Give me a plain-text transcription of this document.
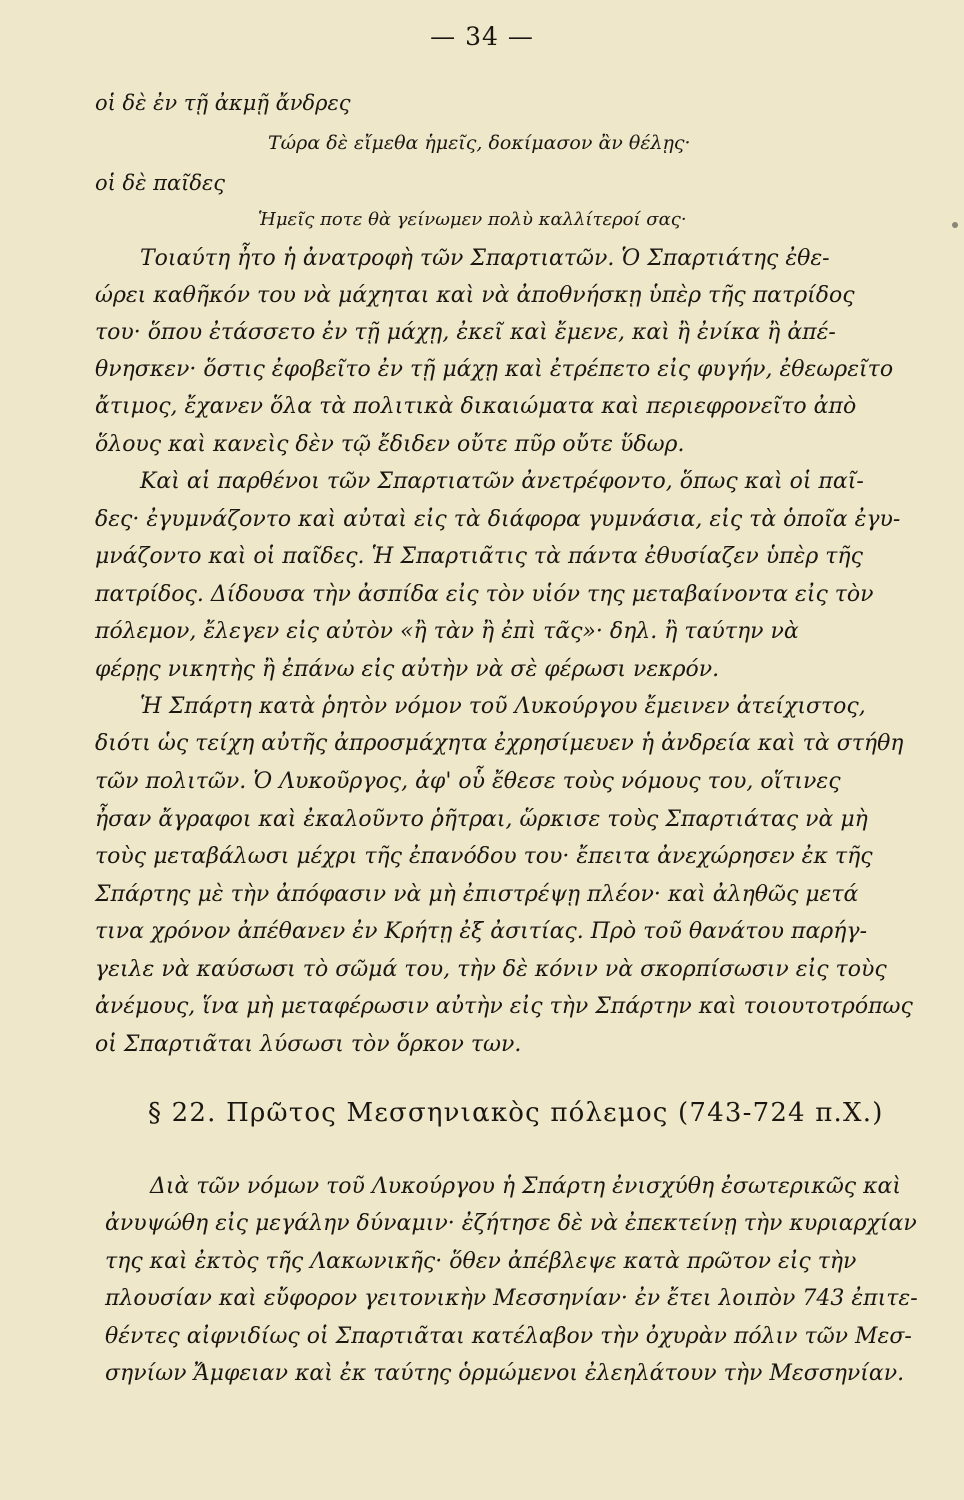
— 34 —
οἱ δὲ ἐν τῇ ἀκμῇ ἄνδρες
Τώρα δὲ εἴμεθα ἡμεῖς, δοκίμασον ἂν θέλῃς·
οἱ δὲ παῖδες
Ἡμεῖς ποτε θὰ γείνωμεν πολὺ καλλίτεροί σας·
Τοιαύτη ἦτο ἡ ἀνατροφὴ τῶν Σπαρτιατῶν. Ὁ Σπαρτιάτης ἐθε-
ώρει καθῆκόν του νὰ μάχηται καὶ νὰ ἀποθνήσκῃ ὑπὲρ τῆς πατρίδος
του· ὅπου ἐτάσσετο ἐν τῇ μάχῃ, ἐκεῖ καὶ ἔμενε, καὶ ἢ ἐνίκα ἢ ἀπέ-
θνησκεν· ὅστις ἐφοβεῖτο ἐν τῇ μάχῃ καὶ ἐτρέπετο εἰς φυγήν, ἐθεωρεῖτο
ἄτιμος, ἔχανεν ὅλα τὰ πολιτικὰ δικαιώματα καὶ περιεφρονεῖτο ἀπὸ
ὅλους καὶ κανεὶς δὲν τῷ ἔδιδεν οὔτε πῦρ οὔτε ὕδωρ.
Καὶ αἱ παρθένοι τῶν Σπαρτιατῶν ἀνετρέφοντο, ὅπως καὶ οἱ παῖ-
δες· ἐγυμνάζοντο καὶ αὐταὶ εἰς τὰ διάφορα γυμνάσια, εἰς τὰ ὁποῖα ἐγυ-
μνάζοντο καὶ οἱ παῖδες. Ἡ Σπαρτιᾶτις τὰ πάντα ἐθυσίαζεν ὑπὲρ τῆς
πατρίδος. Δίδουσα τὴν ἀσπίδα εἰς τὸν υἱόν της μεταβαίνοντα εἰς τὸν
πόλεμον, ἔλεγεν εἰς αὐτὸν «ἢ τὰν ἢ ἐπὶ τᾶς»· δηλ. ἢ ταύτην νὰ
φέρῃς νικητὴς ἢ ἐπάνω εἰς αὐτὴν νὰ σὲ φέρωσι νεκρόν.
Ἡ Σπάρτη κατὰ ῥητὸν νόμον τοῦ Λυκούργου ἔμεινεν ἀτείχιστος,
διότι ὡς τείχη αὐτῆς ἀπροσμάχητα ἐχρησίμευεν ἡ ἀνδρεία καὶ τὰ στήθη
τῶν πολιτῶν. Ὁ Λυκοῦργος, ἀφ' οὗ ἔθεσε τοὺς νόμους του, οἵτινες
ἦσαν ἄγραφοι καὶ ἐκαλοῦντο ῥῆτραι, ὥρκισε τοὺς Σπαρτιάτας νὰ μὴ
τοὺς μεταβάλωσι μέχρι τῆς ἐπανόδου του· ἔπειτα ἀνεχώρησεν ἐκ τῆς
Σπάρτης μὲ τὴν ἀπόφασιν νὰ μὴ ἐπιστρέψῃ πλέον· καὶ ἀληθῶς μετά
τινα χρόνον ἀπέθανεν ἐν Κρήτῃ ἐξ ἀσιτίας. Πρὸ τοῦ θανάτου παρήγ-
γειλε νὰ καύσωσι τὸ σῶμά του, τὴν δὲ κόνιν νὰ σκορπίσωσιν εἰς τοὺς
ἀνέμους, ἵνα μὴ μεταφέρωσιν αὐτὴν εἰς τὴν Σπάρτην καὶ τοιουτοτρόπως
οἱ Σπαρτιᾶται λύσωσι τὸν ὅρκον των.
§ 22. Πρῶτος Μεσσηνιακὸς πόλεμος (743-724 π.Χ.)
Διὰ τῶν νόμων τοῦ Λυκούργου ἡ Σπάρτη ἐνισχύθη ἐσωτερικῶς καὶ
ἀνυψώθη εἰς μεγάλην δύναμιν· ἐζήτησε δὲ νὰ ἐπεκτείνῃ τὴν κυριαρχίαν
της καὶ ἐκτὸς τῆς Λακωνικῆς· ὅθεν ἀπέβλεψε κατὰ πρῶτον εἰς τὴν
πλουσίαν καὶ εὔφορον γειτονικὴν Μεσσηνίαν· ἐν ἔτει λοιπὸν 743 ἐπιτε-
θέντες αἰφνιδίως οἱ Σπαρτιᾶται κατέλαβον τὴν ὀχυρὰν πόλιν τῶν Μεσ-
σηνίων Ἄμφειαν καὶ ἐκ ταύτης ὁρμώμενοι ἐλεηλάτουν τὴν Μεσσηνίαν.
